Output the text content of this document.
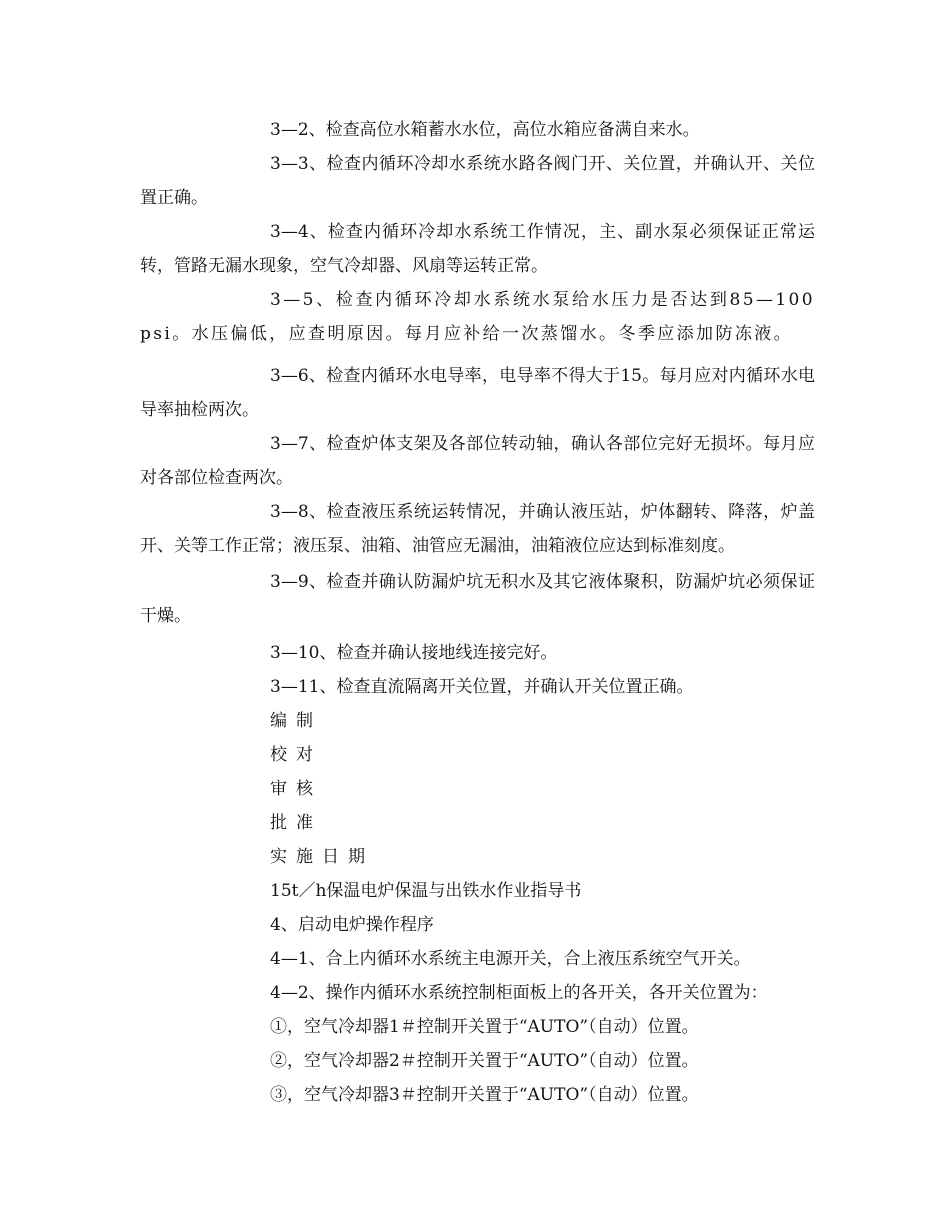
3—2、检查高位水箱蓄水水位，高位水箱应备满自来水。
3—3、检查内循环冷却水系统水路各阀门开、关位置，并确认开、关位置正确。
3—4、检查内循环冷却水系统工作情况，主、副水泵必须保证正常运转，管路无漏水现象，空气冷却器、风扇等运转正常。
3—5、检查内循环冷却水系统水泵给水压力是否达到85—100psi。水压偏低，应查明原因。每月应补给一次蒸馏水。冬季应添加防冻液。
3—6、检查内循环水电导率，电导率不得大于15。每月应对内循环水电导率抽检两次。
3—7、检查炉体支架及各部位转动轴，确认各部位完好无损坏。每月应对各部位检查两次。
3—8、检查液压系统运转情况，并确认液压站，炉体翻转、降落，炉盖开、关等工作正常；液压泵、油箱、油管应无漏油，油箱液位应达到标准刻度。
3—9、检查并确认防漏炉坑无积水及其它液体聚积，防漏炉坑必须保证干燥。
3—10、检查并确认接地线连接完好。
3—11、检查直流隔离开关位置，并确认开关位置正确。
编制
校对
审核
批准
实施日期
15t／h保温电炉保温与出铁水作业指导书
4、启动电炉操作程序
4—1、合上内循环水系统主电源开关，合上液压系统空气开关。
4—2、操作内循环水系统控制柜面板上的各开关，各开关位置为：
①，空气冷却器1＃控制开关置于“AUTO”（自动）位置。
②，空气冷却器2＃控制开关置于“AUTO”（自动）位置。
③，空气冷却器3＃控制开关置于“AUTO”（自动）位置。
